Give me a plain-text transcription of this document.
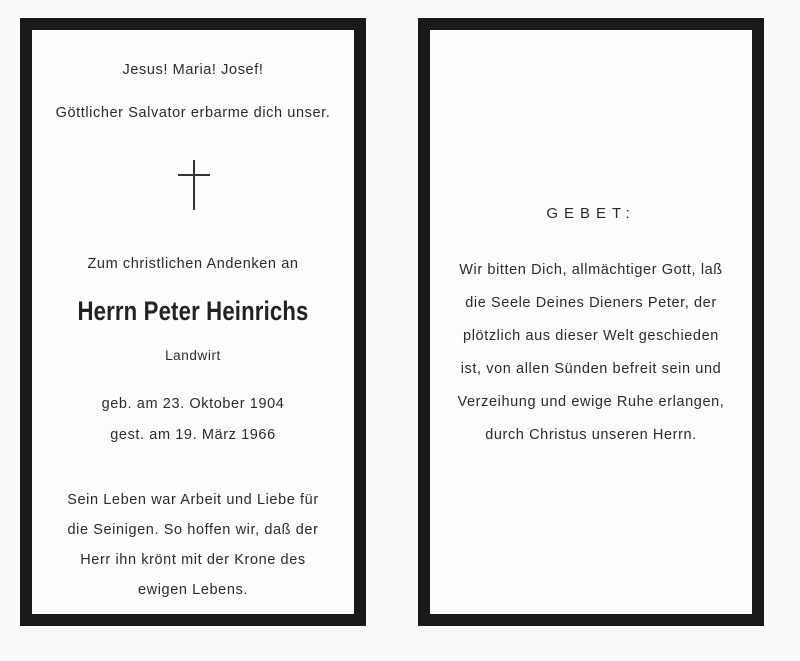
Jesus! Maria! Josef!
Göttlicher Salvator erbarme dich unser.
Zum christlichen Andenken an
Herrn Peter Heinrichs
Landwirt
geb. am 23. Oktober 1904
gest. am 19. März 1966
Sein Leben war Arbeit und Liebe für
die Seinigen. So hoffen wir, daß der
Herr ihn krönt mit der Krone des
ewigen Lebens.
GEBET:
Wir bitten Dich, allmächtiger Gott, laß
die Seele Deines Dieners Peter, der
plötzlich aus dieser Welt geschieden
ist, von allen Sünden befreit sein und
Verzeihung und ewige Ruhe erlangen,
durch Christus unseren Herrn.
